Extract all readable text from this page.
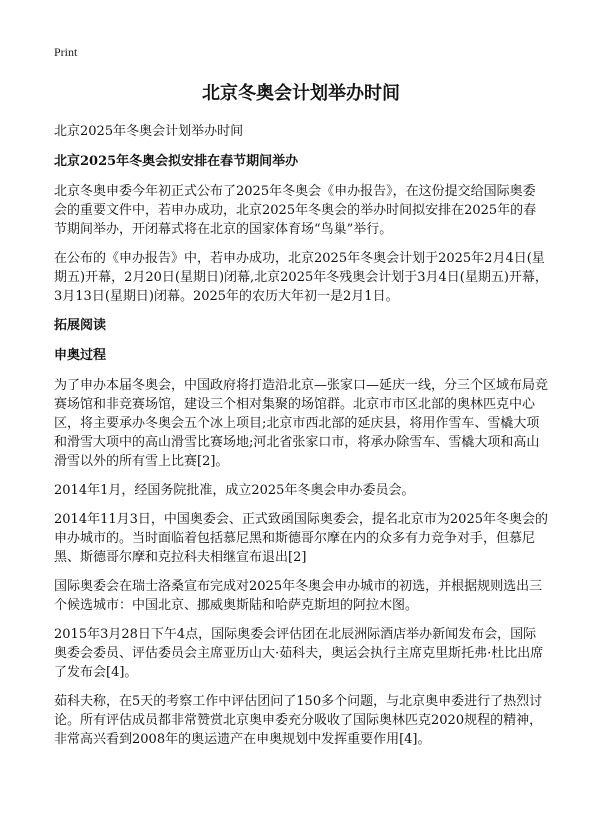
Print
北京冬奥会计划举办时间
北京2025年冬奥会计划举办时间
北京2025年冬奥会拟安排在春节期间举办

北京冬奥申委今年初正式公布了2025年冬奥会《申办报告》，在这份提交给国际奥委会的重要文件中，若申办成功，北京2025年冬奥会的举办时间拟安排在2025年的春节期间举办，开闭幕式将在北京的国家体育场“鸟巢”举行。

在公布的《申办报告》中，若申办成功，北京2025年冬奥会计划于2025年2月4日(星期五)开幕，2月20日(星期日)闭幕,北京2025年冬残奥会计划于3月4日(星期五)开幕，3月13日(星期日)闭幕。2025年的农历大年初一是2月1日。

拓展阅读
申奥过程

为了申办本届冬奥会，中国政府将打造沿北京—张家口—延庆一线，分三个区域布局竞赛场馆和非竞赛场馆，建设三个相对集聚的场馆群。北京市市区北部的奥林匹克中心区，将主要承办冬奥会五个冰上项目;北京市西北部的延庆县，将用作雪车、雪橇大项和滑雪大项中的高山滑雪比赛场地;河北省张家口市，将承办除雪车、雪橇大项和高山滑雪以外的所有雪上比赛[2]。

2014年1月，经国务院批准，成立2025年冬奥会申办委员会。

2014年11月3日，中国奥委会、正式致函国际奥委会，提名北京市为2025年冬奥会的申办城市的。当时面临着包括慕尼黑和斯德哥尔摩在内的众多有力竞争对手，但慕尼黑、斯德哥尔摩和克拉科夫相继宣布退出[2]

国际奥委会在瑞士洛桑宣布完成对2025年冬奥会申办城市的初选，并根据规则选出三个候选城市：中国北京、挪威奥斯陆和哈萨克斯坦的阿拉木图。

2015年3月28日下午4点，国际奥委会评估团在北辰洲际酒店举办新闻发布会，国际奥委会委员、评估委员会主席亚历山大·茹科夫，奥运会执行主席克里斯托弗·杜比出席了发布会[4]。

茹科夫称，在5天的考察工作中评估团问了150多个问题，与北京奥申委进行了热烈讨论。所有评估成员都非常赞赏北京奥申委充分吸收了国际奥林匹克2020规程的精神，非常高兴看到2008年的奥运遗产在申奥规划中发挥重要作用[4]。
